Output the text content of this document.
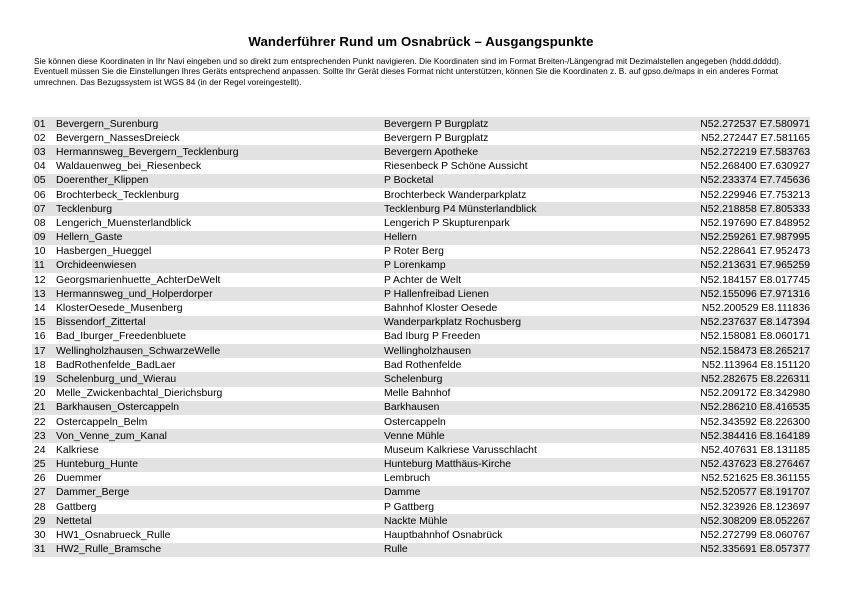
Wanderführer Rund um Osnabrück – Ausgangspunkte

Sie können diese Koordinaten in Ihr Navi eingeben und so direkt zum entsprechenden Punkt navigieren. Die Koordinaten sind im Format Breiten-/Längengrad mit Dezimalstellen angegeben (hddd.ddddd).

Eventuell müssen Sie die Einstellungen Ihres Geräts entsprechend anpassen. Sollte Ihr Gerät dieses Format nicht unterstützen, können Sie die Koordinaten z. B. auf gpso.de/maps in ein anderes Format umrechnen. Das Bezugssystem ist WGS 84 (in der Regel voreingestellt).

01	Bevergern_Surenburg	Bevergern P Burgplatz	N52.272537 E7.580971
02	Bevergern_NassesDreieck	Bevergern P Burgplatz	N52.272447 E7.581165
03	Hermannsweg_Bevergern_Tecklenburg	Bevergern Apotheke	N52.272219 E7.583763
04	Waldauenweg_bei_Riesenbeck	Riesenbeck P Schöne Aussicht	N52.268400 E7.630927
05	Doerenther_Klippen	P Bocketal	N52.233374 E7.745636
06	Brochterbeck_Tecklenburg	Brochterbeck Wanderparkplatz	N52.229946 E7.753213
07	Tecklenburg	Tecklenburg P4 Münsterlandblick	N52.218858 E7.805333
08	Lengerich_Muensterlandblick	Lengerich P Skupturenpark	N52.197690 E7.848952
09	Hellern_Gaste	Hellern	N52.259261 E7.987995
10	Hasbergen_Hueggel	P Roter Berg	N52.228641 E7.952473
11	Orchideenwiesen	P Lorenkamp	N52.213631 E7.965259
12	Georgsmarienhuette_AchterDeWelt	P Achter de Welt	N52.184157 E8.017745
13	Hermannsweg_und_Holperdorper	P Hallenfreibad Lienen	N52.155096 E7.971316
14	KlosterOesede_Musenberg	Bahnhof Kloster Oesede	N52.200529 E8.111836
15	Bissendorf_Zittertal	Wanderparkplatz Rochusberg	N52.237637 E8.147394
16	Bad_Iburger_Freedenbluete	Bad Iburg P Freeden	N52.158081 E8.060171
17	Wellingholzhausen_SchwarzeWelle	Wellingholzhausen	N52.158473 E8.265217
18	BadRothenfelde_BadLaer	Bad Rothenfelde	N52.113964 E8.151120
19	Schelenburg_und_Wierau	Schelenburg	N52.282675 E8.226311
20	Melle_Zwickenbachtal_Dierichsburg	Melle Bahnhof	N52.209172 E8.342980
21	Barkhausen_Ostercappeln	Barkhausen	N52.286210 E8.416535
22	Ostercappeln_Belm	Ostercappeln	N52.343592 E8.226300
23	Von_Venne_zum_Kanal	Venne Mühle	N52.384416 E8.164189
24	Kalkriese	Museum Kalkriese Varusschlacht	N52.407631 E8.131185
25	Hunteburg_Hunte	Hunteburg Matthäus-Kirche	N52.437623 E8.276467
26	Duemmer	Lembruch	N52.521625 E8.361155
27	Dammer_Berge	Damme	N52.520577 E8.191707
28	Gattberg	P Gattberg	N52.323926 E8.123697
29	Nettetal	Nackte Mühle	N52.308209 E8.052267
30	HW1_Osnabrueck_Rulle	Hauptbahnhof Osnabrück	N52.272799 E8.060767
31	HW2_Rulle_Bramsche	Rulle	N52.335691 E8.057377
